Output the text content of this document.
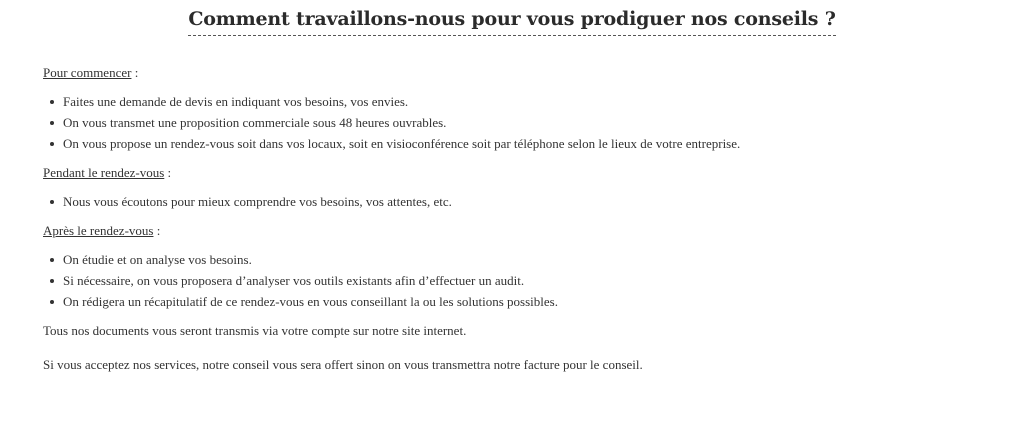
Comment travaillons-nous pour vous prodiguer nos conseils ?

Pour commencer :

Faites une demande de devis en indiquant vos besoins, vos envies.
On vous transmet une proposition commerciale sous 48 heures ouvrables.
On vous propose un rendez-vous soit dans vos locaux, soit en visioconférence soit par téléphone selon le lieux de votre entreprise.

Pendant le rendez-vous :

Nous vous écoutons pour mieux comprendre vos besoins, vos attentes, etc.

Après le rendez-vous :

On étudie et on analyse vos besoins.
Si nécessaire, on vous proposera d’analyser vos outils existants afin d’effectuer un audit.
On rédigera un récapitulatif de ce rendez-vous en vous conseillant la ou les solutions possibles.

Tous nos documents vous seront transmis via votre compte sur notre site internet.

Si vous acceptez nos services, notre conseil vous sera offert sinon on vous transmettra notre facture pour le conseil.
